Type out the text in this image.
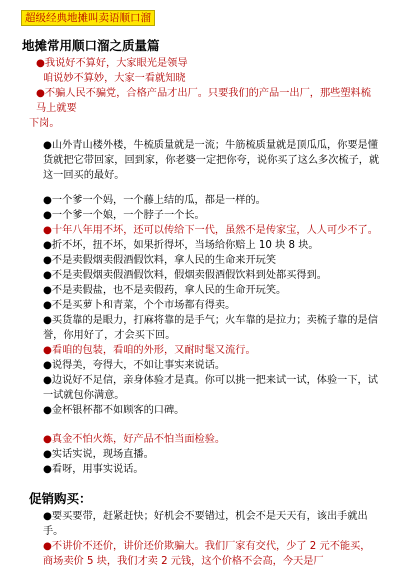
超级经典地摊叫卖语顺口溜
地摊常用顺口溜之质量篇

●我说好不算好，大家眼光是领导

咱说妙不算妙，大家一看就知晓

●不骗人民不骗党，合格产品才出厂。只要我们的产品一出厂，那些塑料梳马上就要

下岗。

●山外青山楼外楼，牛梳质量就是一流；牛筋梳质量就是顶瓜瓜，你要是懂货就把它带回家，回到家，你老婆一定把你夸，说你买了这么多次梳子，就这一回买的最好。

●一个爹一个妈，一个藤上结的瓜，都是一样的。

●一个爹一个娘，一个脖子一个长。

●十年八年用不坏，还可以传给下一代，虽然不是传家宝，人人可少不了。

●折不坏，扭不坏，如果折得坏，当场给你赔上 10 块 8 块。

●不是卖假烟卖假酒假饮料，拿人民的生命来开玩笑

●不是卖假烟卖假酒假饮料，假烟卖假酒假饮料到处都买得到。

●不是卖假盐，也不是卖假药，拿人民的生命开玩笑。

●不是买萝卜和青菜，个个市场都有得卖。

●买货靠的是眼力，打麻将靠的是手气；火车靠的是拉力；卖梳子靠的是信誉，你用好了，才会买下回。

●看咱的包装，看咱的外形，又耐时髦又流行。

●说得美，夸得大，不如让事实来说话。

●边说好不足信，亲身体验才是真。你可以挑一把来试一试，体验一下，试一试就包你满意。

●金杯银杯都不如顾客的口碑。

●真金不怕火炼，好产品不怕当面检验。

●实话实说，现场直播。

●看呀，用事实说话。

促销购买：

●要买要带，赶紧赶快；好机会不要错过，机会不是天天有，该出手就出手。

●不讲价不还价，讲价还价欺骗大。我们厂家有交代，少了 2 元不能买，商场卖价 5 块，我们才卖 2 元钱，这个价格不会高，今天是厂
